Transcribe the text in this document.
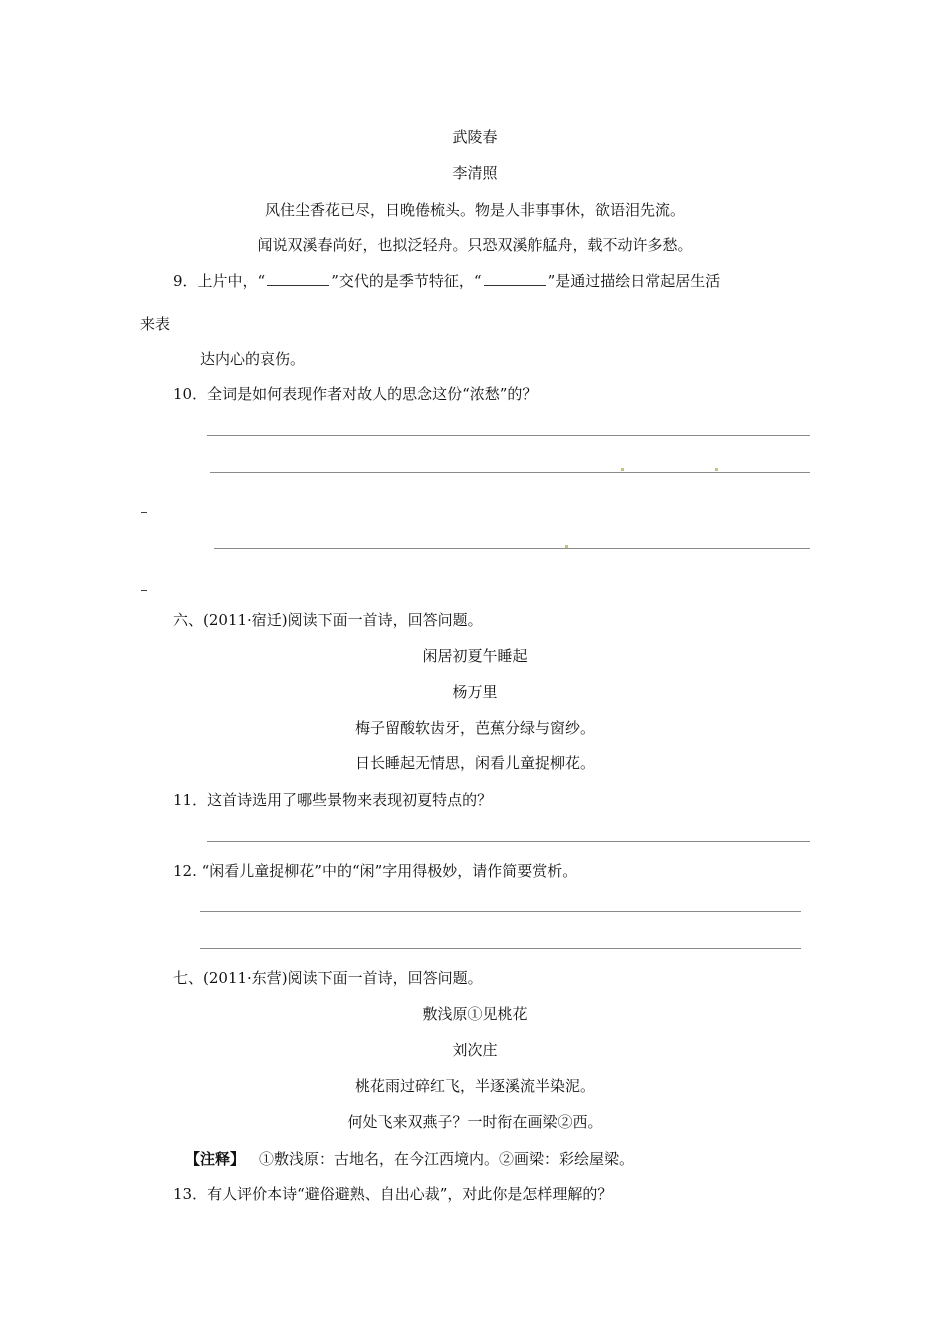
武陵春
李清照
风住尘香花已尽，日晚倦梳头。物是人非事事休，欲语泪先流。
闻说双溪春尚好，也拟泛轻舟。只恐双溪舴艋舟，载不动许多愁。
9．上片中，“	”交代的是季节特征，“	”是通过描绘日常起居生活
来表
达内心的哀伤。
10．全词是如何表现作者对故人的思念这份“浓愁”的？
六、(2011·宿迁)阅读下面一首诗，回答问题。
闲居初夏午睡起
杨万里
梅子留酸软齿牙，芭蕉分绿与窗纱。
日长睡起无情思，闲看儿童捉柳花。
11．这首诗选用了哪些景物来表现初夏特点的？
12. “闲看儿童捉柳花”中的“闲”字用得极妙，请作简要赏析。
七、(2011·东营)阅读下面一首诗，回答问题。
敷浅原①见桃花
刘次庄
桃花雨过碎红飞，半逐溪流半染泥。
何处飞来双燕子？一时衔在画梁②西。
【注释】 ①敷浅原：古地名，在今江西境内。②画梁：彩绘屋梁。
13．有人评价本诗“避俗避熟、自出心裁”，对此你是怎样理解的？
